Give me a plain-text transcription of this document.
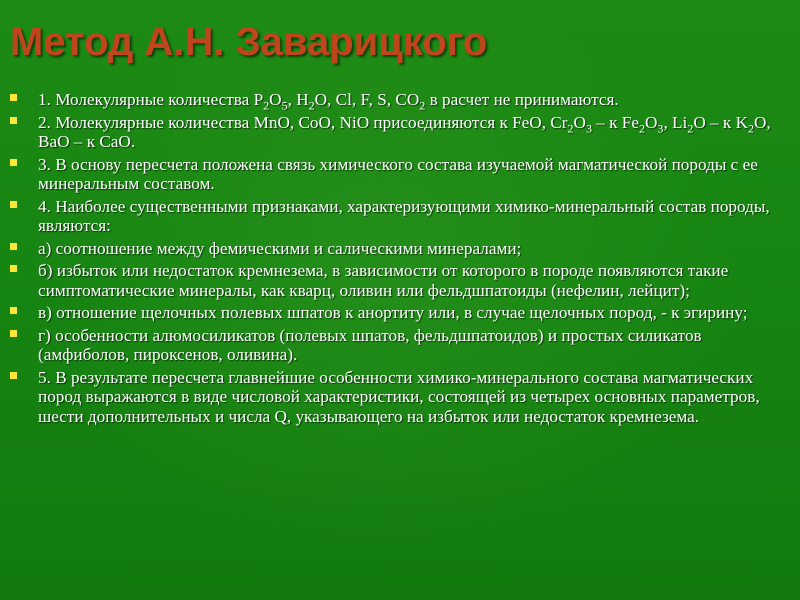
Метод А.Н. Заварицкого
1. Молекулярные количества $P_2O_5$, $H_2O$, Cl, F, S, $CO_2$ в расчет не принимаются.
2. Молекулярные количества MnO, CoO, NiO присоединяются к FeO, $Cr_2O_3$ – к $Fe_2O_3$, $Li_2O$ – к $K_2O$, BaO – к CaO.
3. В основу пересчета положена связь химического состава изучаемой магматической породы с ее минеральным составом.
4. Наиболее существенными признаками, характеризующими химико-минеральный состав породы, являются:
а) соотношение между фемическими и салическими минералами;
б) избыток или недостаток кремнезема, в зависимости от которого в породе появляются такие симптоматические минералы, как кварц, оливин или фельдшпатоиды (нефелин, лейцит);
в) отношение щелочных полевых шпатов к анортиту или, в случае щелочных пород, - к эгирину;
г) особенности алюмосиликатов (полевых шпатов, фельдшпатоидов) и простых силикатов (амфиболов, пироксенов, оливина).
5. В результате пересчета главнейшие особенности химико-минерального состава магматических пород выражаются в виде числовой характеристики, состоящей из четырех основных параметров, шести дополнительных и числа Q, указывающего на избыток или недостаток кремнезема.
